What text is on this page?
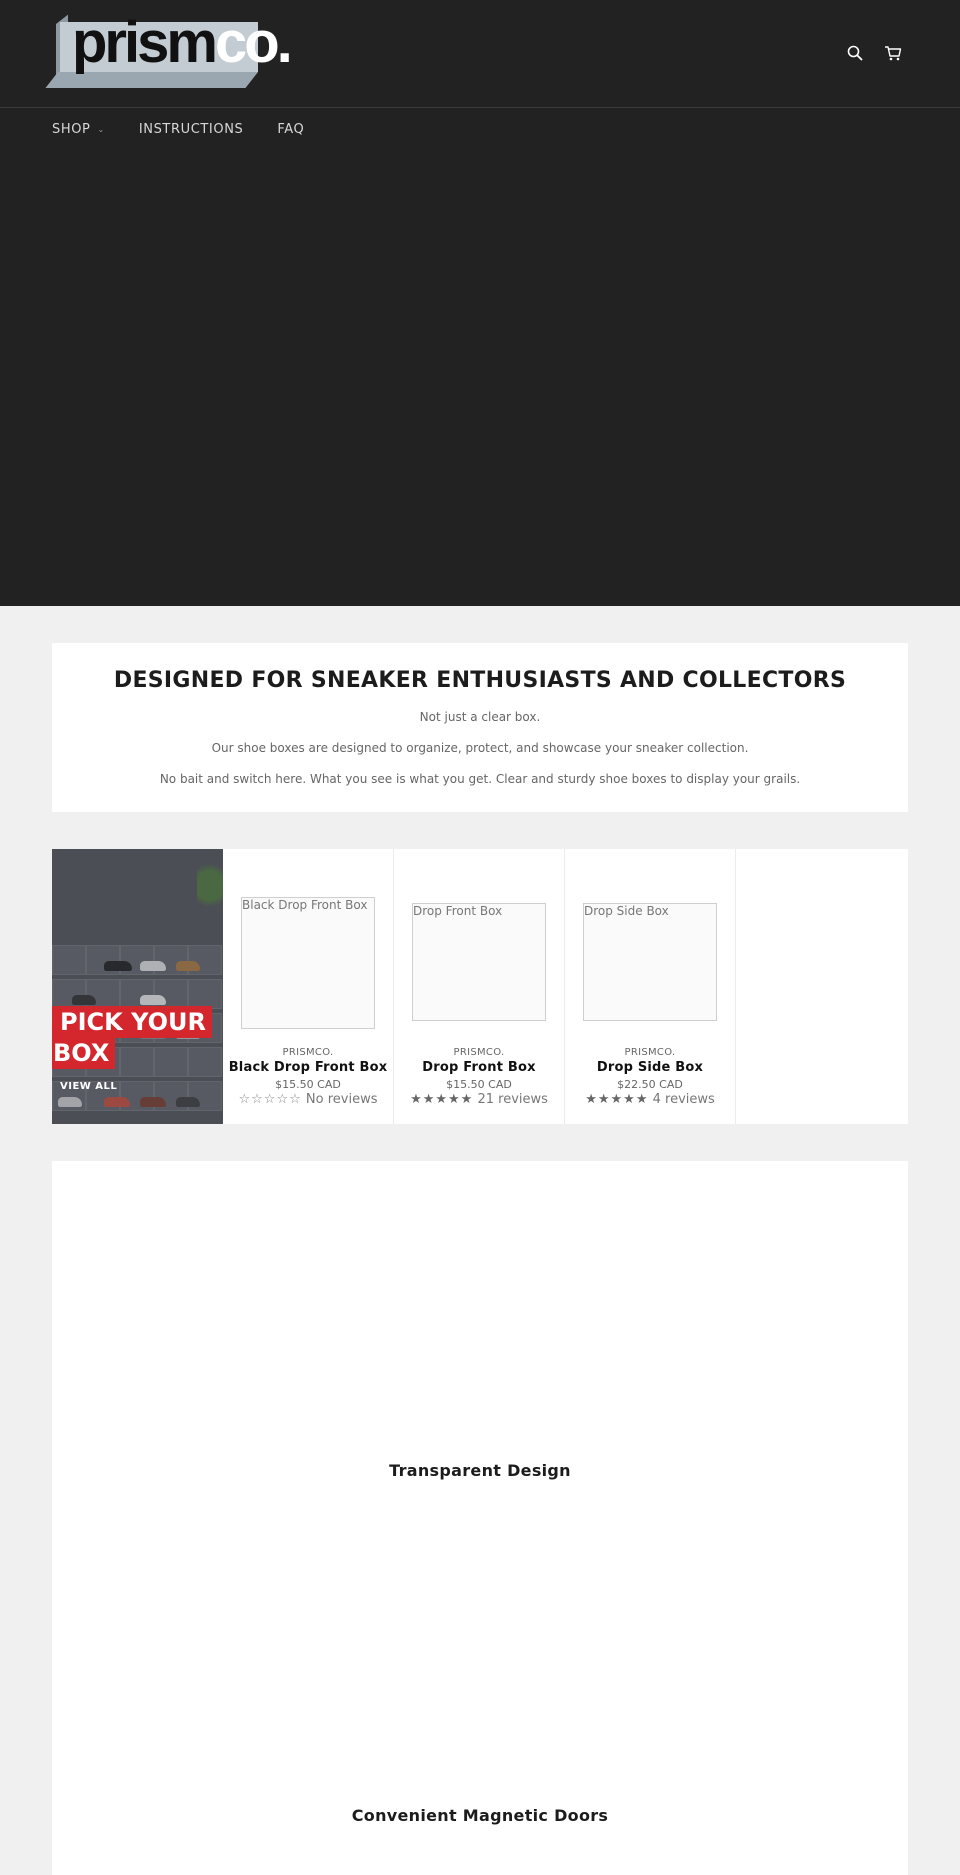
prismco.
SHOP ⌄	INSTRUCTIONS	FAQ
DESIGNED FOR SNEAKER ENTHUSIASTS AND COLLECTORS

Not just a clear box.

Our shoe boxes are designed to organize, protect, and showcase your sneaker collection.

No bait and switch here. What you see is what you get. Clear and sturdy shoe boxes to display your grails.

PICK YOUR
BOX
VIEW ALL
Black Drop Front Box
PRISMCO.
Black Drop Front Box
$15.50 CAD
☆☆☆☆☆ No reviews
Drop Front Box
PRISMCO.
Drop Front Box
$15.50 CAD
★★★★★ 21 reviews
Drop Side Box
PRISMCO.
Drop Side Box
$22.50 CAD
★★★★★ 4 reviews
Transparent Design
Convenient Magnetic Doors
